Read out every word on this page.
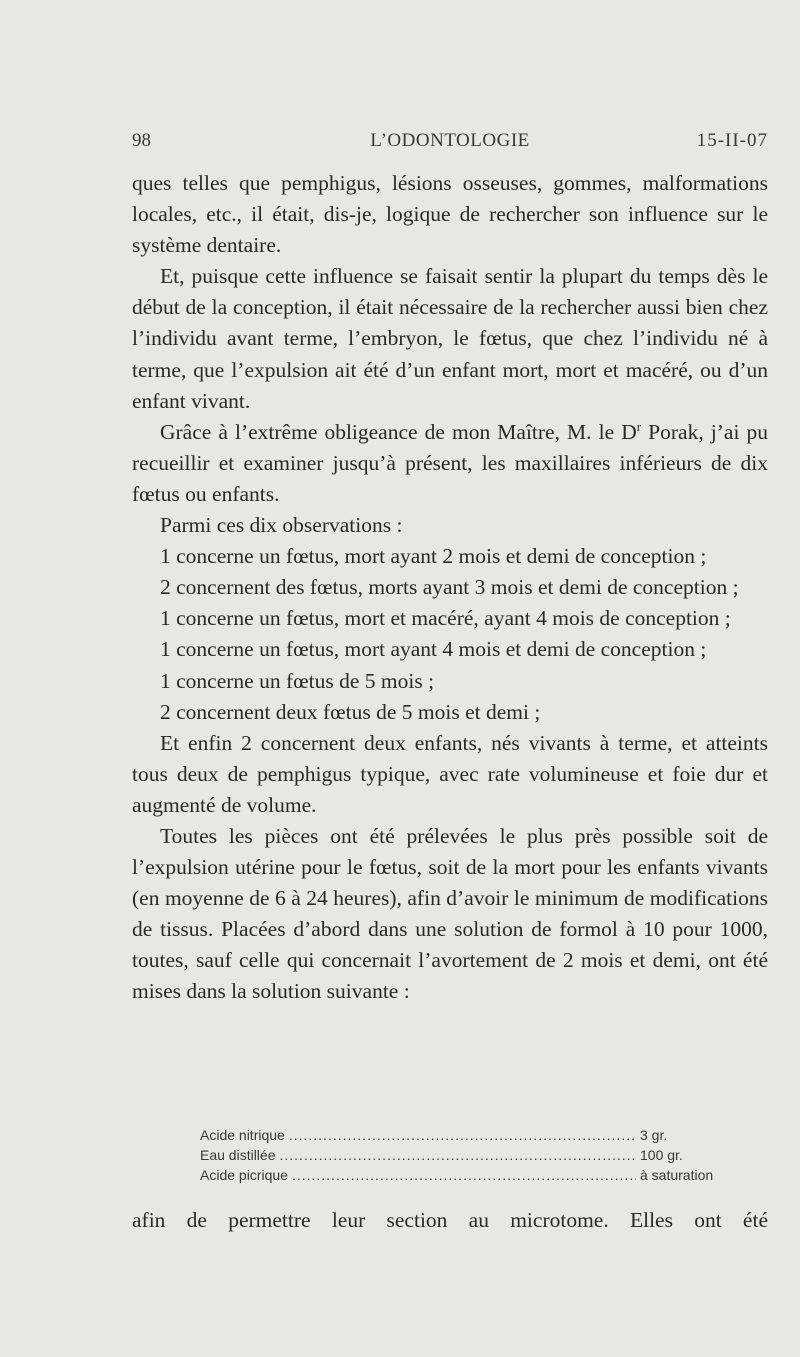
98	L’ODONTOLOGIE	15-II-07

ques telles que pemphigus, lésions osseuses, gommes, malformations locales, etc., il était, dis-je, logique de rechercher son influence sur le système dentaire.

Et, puisque cette influence se faisait sentir la plupart du temps dès le début de la conception, il était nécessaire de la rechercher aussi bien chez l’individu avant terme, l’embryon, le fœtus, que chez l’individu né à terme, que l’expulsion ait été d’un enfant mort, mort et macéré, ou d’un enfant vivant.

Grâce à l’extrême obligeance de mon Maître, M. le $D^r$ Porak, j’ai pu recueillir et examiner jusqu’à présent, les maxillaires inférieurs de dix fœtus ou enfants.

Parmi ces dix observations :

1 concerne un fœtus, mort ayant 2 mois et demi de conception ;

2 concernent des fœtus, morts ayant 3 mois et demi de conception ;

1 concerne un fœtus, mort et macéré, ayant 4 mois de conception ;

1 concerne un fœtus, mort ayant 4 mois et demi de conception ;

1 concerne un fœtus de 5 mois ;

2 concernent deux fœtus de 5 mois et demi ;

Et enfin 2 concernent deux enfants, nés vivants à terme, et atteints tous deux de pemphigus typique, avec rate volumineuse et foie dur et augmenté de volume.

Toutes les pièces ont été prélevées le plus près possible soit de l’expulsion utérine pour le fœtus, soit de la mort pour les enfants vivants (en moyenne de 6 à 24 heures), afin d’avoir le minimum de modifications de tissus. Placées d’abord dans une solution de formol à 10 pour 1000, toutes, sauf celle qui concernait l’avortement de 2 mois et demi, ont été mises dans la solution suivante :

Acide nitrique .....	3 gr.
Eau distillée .....	100 gr.
Acide picrique .....	à saturation
afin de permettre leur section au microtome. Elles ont été
